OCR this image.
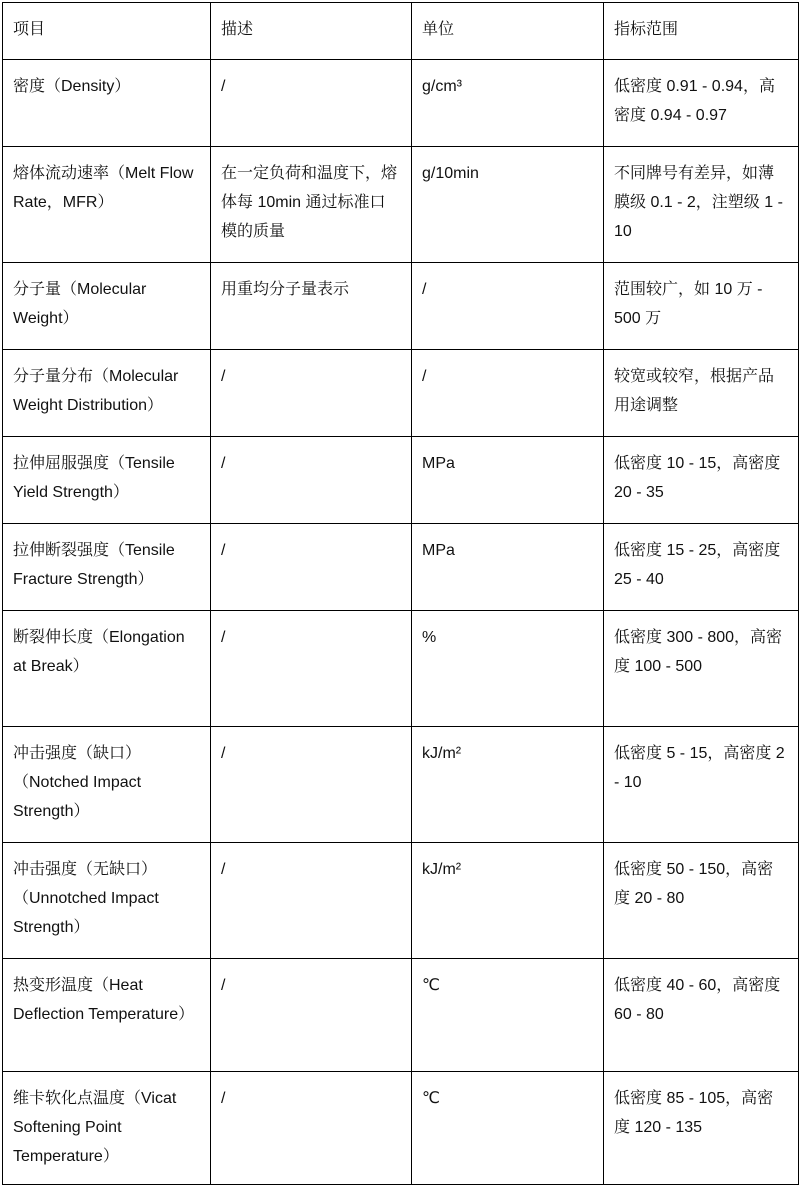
项目	描述	单位	指标范围
密度（Density）	/	g/cm³	低密度 0.91 - 0.94，高密度 0.94 - 0.97
熔体流动速率（Melt Flow Rate，MFR）	在一定负荷和温度下，熔体每 10min 通过标准口模的质量	g/10min	不同牌号有差异，如薄膜级 0.1 - 2，注塑级 1 - 10
分子量（Molecular Weight）	用重均分子量表示	/	范围较广，如 10 万 - 500 万
分子量分布（Molecular Weight Distribution）	/	/	较宽或较窄，根据产品用途调整
拉伸屈服强度（Tensile Yield Strength）	/	MPa	低密度 10 - 15，高密度 20 - 35
拉伸断裂强度（Tensile Fracture Strength）	/	MPa	低密度 15 - 25，高密度 25 - 40
断裂伸长度（Elongation at Break）	/	%	低密度 300 - 800，高密度 100 - 500
冲击强度（缺口）（Notched Impact Strength）	/	kJ/m²	低密度 5 - 15，高密度 2 - 10
冲击强度（无缺口）（Unnotched Impact Strength）	/	kJ/m²	低密度 50 - 150，高密度 20 - 80
热变形温度（Heat Deflection Temperature）	/	℃	低密度 40 - 60，高密度 60 - 80
维卡软化点温度（Vicat Softening Point Temperature）	/	℃	低密度 85 - 105，高密度 120 - 135
